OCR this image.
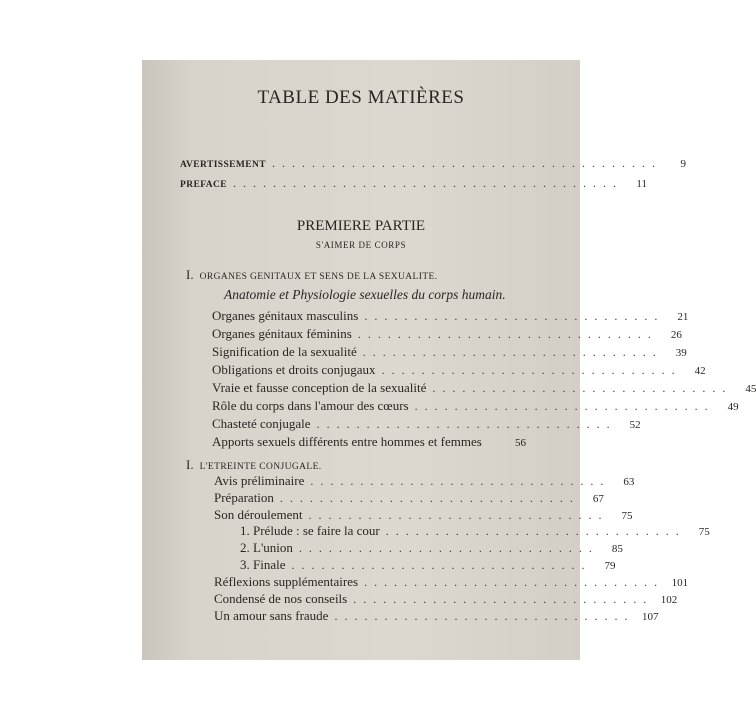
TABLE DES MATIÈRES
AVERTISSEMENT .......................................	9
PREFACE .......................................	11
PREMIERE PARTIE
S'AIMER DE CORPS
I. ORGANES GENITAUX ET SENS DE LA SEXUALITE.
Anatomie et Physiologie sexuelles du corps humain.
Organes génitaux masculins ..............................	21
Organes génitaux féminins ..............................	26
Signification de la sexualité ..............................	39
Obligations et droits conjugaux ..............................	42
Vraie et fausse conception de la sexualité ..............................	45
Rôle du corps dans l'amour des cœurs ..............................	49
Chasteté conjugale ..............................	52
Apports sexuels différents entre hommes et femmes	56
I. L'ETREINTE CONJUGALE.
Avis préliminaire ..............................	63
Préparation ..............................	67
Son déroulement ..............................	75
1. Prélude : se faire la cour ..............................	75
2. L'union ..............................	85
3. Finale ..............................	79
Réflexions supplémentaires .............................. 101
Condensé de nos conseils .............................. 102
Un amour sans fraude .............................. 107
